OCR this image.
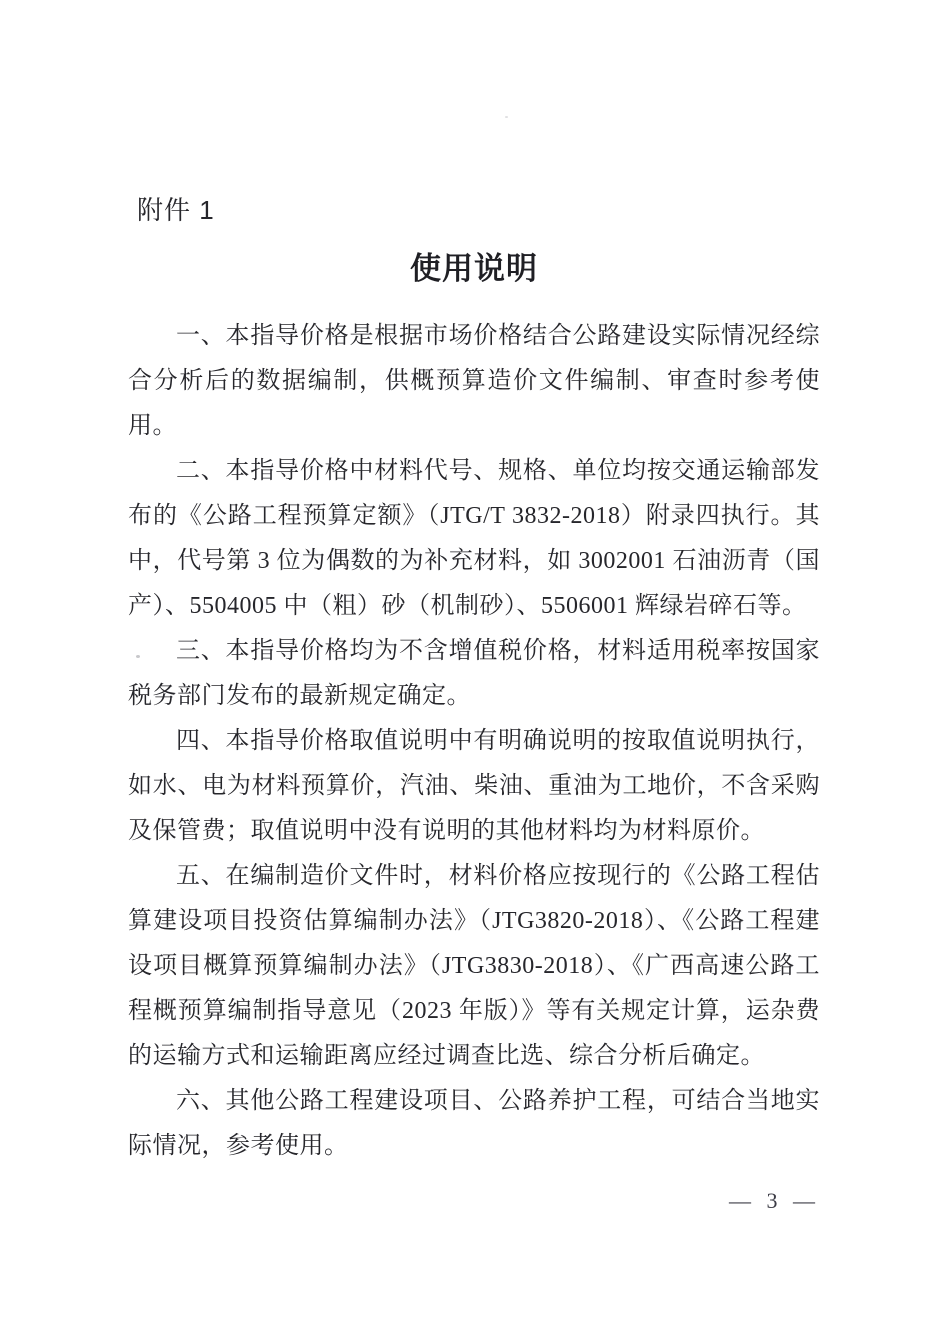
附件 1
使用说明

一、本指导价格是根据市场价格结合公路建设实际情况经综合分析后的数据编制，供概预算造价文件编制、审查时参考使用。

二、本指导价格中材料代号、规格、单位均按交通运输部发布的《公路工程预算定额》（JTG/T 3832-2018）附录四执行。其中，代号第 3 位为偶数的为补充材料，如 3002001 石油沥青（国产）、5504005 中（粗）砂（机制砂）、5506001 辉绿岩碎石等。

三、本指导价格均为不含增值税价格，材料适用税率按国家税务部门发布的最新规定确定。

四、本指导价格取值说明中有明确说明的按取值说明执行，如水、电为材料预算价，汽油、柴油、重油为工地价，不含采购及保管费；取值说明中没有说明的其他材料均为材料原价。

五、在编制造价文件时，材料价格应按现行的《公路工程估算建设项目投资估算编制办法》（JTG3820-2018）、《公路工程建设项目概算预算编制办法》（JTG3830-2018）、《广西高速公路工程概预算编制指导意见（2023 年版）》等有关规定计算，运杂费的运输方式和运输距离应经过调查比选、综合分析后确定。

六、其他公路工程建设项目、公路养护工程，可结合当地实际情况，参考使用。

— 3 —
